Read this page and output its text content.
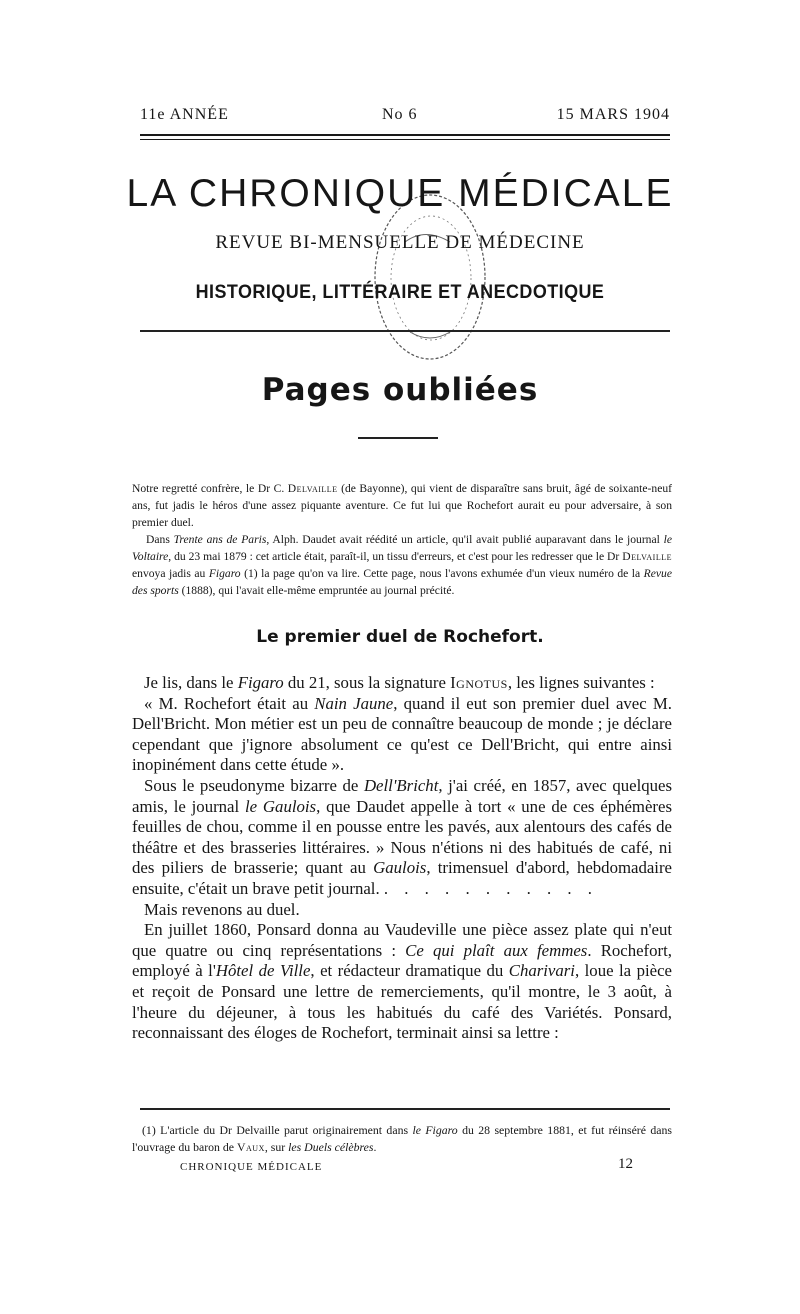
11e ANNÉE	No 6	15 MARS 1904
LA CHRONIQUE MÉDICALE
REVUE BI-MENSUELLE DE MÉDECINE
HISTORIQUE, LITTÉRAIRE ET ANECDOTIQUE
Pages oubliées

Notre regretté confrère, le Dr C. Delvaille (de Bayonne), qui vient de disparaître sans bruit, âgé de soixante-neuf ans, fut jadis le héros d'une assez piquante aventure. Ce fut lui que Rochefort aurait eu pour adversaire, à son premier duel.

Dans Trente ans de Paris, Alph. Daudet avait réédité un article, qu'il avait publié auparavant dans le journal le Voltaire, du 23 mai 1879 : cet article était, paraît-il, un tissu d'erreurs, et c'est pour les redresser que le Dr Delvaille envoya jadis au Figaro (1) la page qu'on va lire. Cette page, nous l'avons exhumée d'un vieux numéro de la Revue des sports (1888), qui l'avait elle-même empruntée au journal précité.

Le premier duel de Rochefort.

Je lis, dans le Figaro du 21, sous la signature Ignotus, les lignes suivantes :

« M. Rochefort était au Nain Jaune, quand il eut son premier duel avec M. Dell'Bricht. Mon métier est un peu de connaître beaucoup de monde ; je déclare cependant que j'ignore absolument ce qu'est ce Dell'Bricht, qui entre ainsi inopinément dans cette étude ».

Sous le pseudonyme bizarre de Dell'Bricht, j'ai créé, en 1857, avec quelques amis, le journal le Gaulois, que Daudet appelle à tort « une de ces éphémères feuilles de chou, comme il en pousse entre les pavés, aux alentours des cafés de théâtre et des brasseries littéraires. » Nous n'étions ni des habitués de café, ni des piliers de brasserie; quant au Gaulois, trimensuel d'abord, hebdomadaire ensuite, c'était un brave petit journal. . . . . . . . . . . .

Mais revenons au duel.

En juillet 1860, Ponsard donna au Vaudeville une pièce assez plate qui n'eut que quatre ou cinq représentations : Ce qui plaît aux femmes. Rochefort, employé à l'Hôtel de Ville, et rédacteur dramatique du Charivari, loue la pièce et reçoit de Ponsard une lettre de remerciements, qu'il montre, le 3 août, à l'heure du déjeuner, à tous les habitués du café des Variétés. Ponsard, reconnaissant des éloges de Rochefort, terminait ainsi sa lettre :

(1) L'article du Dr Delvaille parut originairement dans le Figaro du 28 septembre 1881, et fut réinséré dans l'ouvrage du baron de Vaux, sur les Duels célèbres.

CHRONIQUE MÉDICALE	12
